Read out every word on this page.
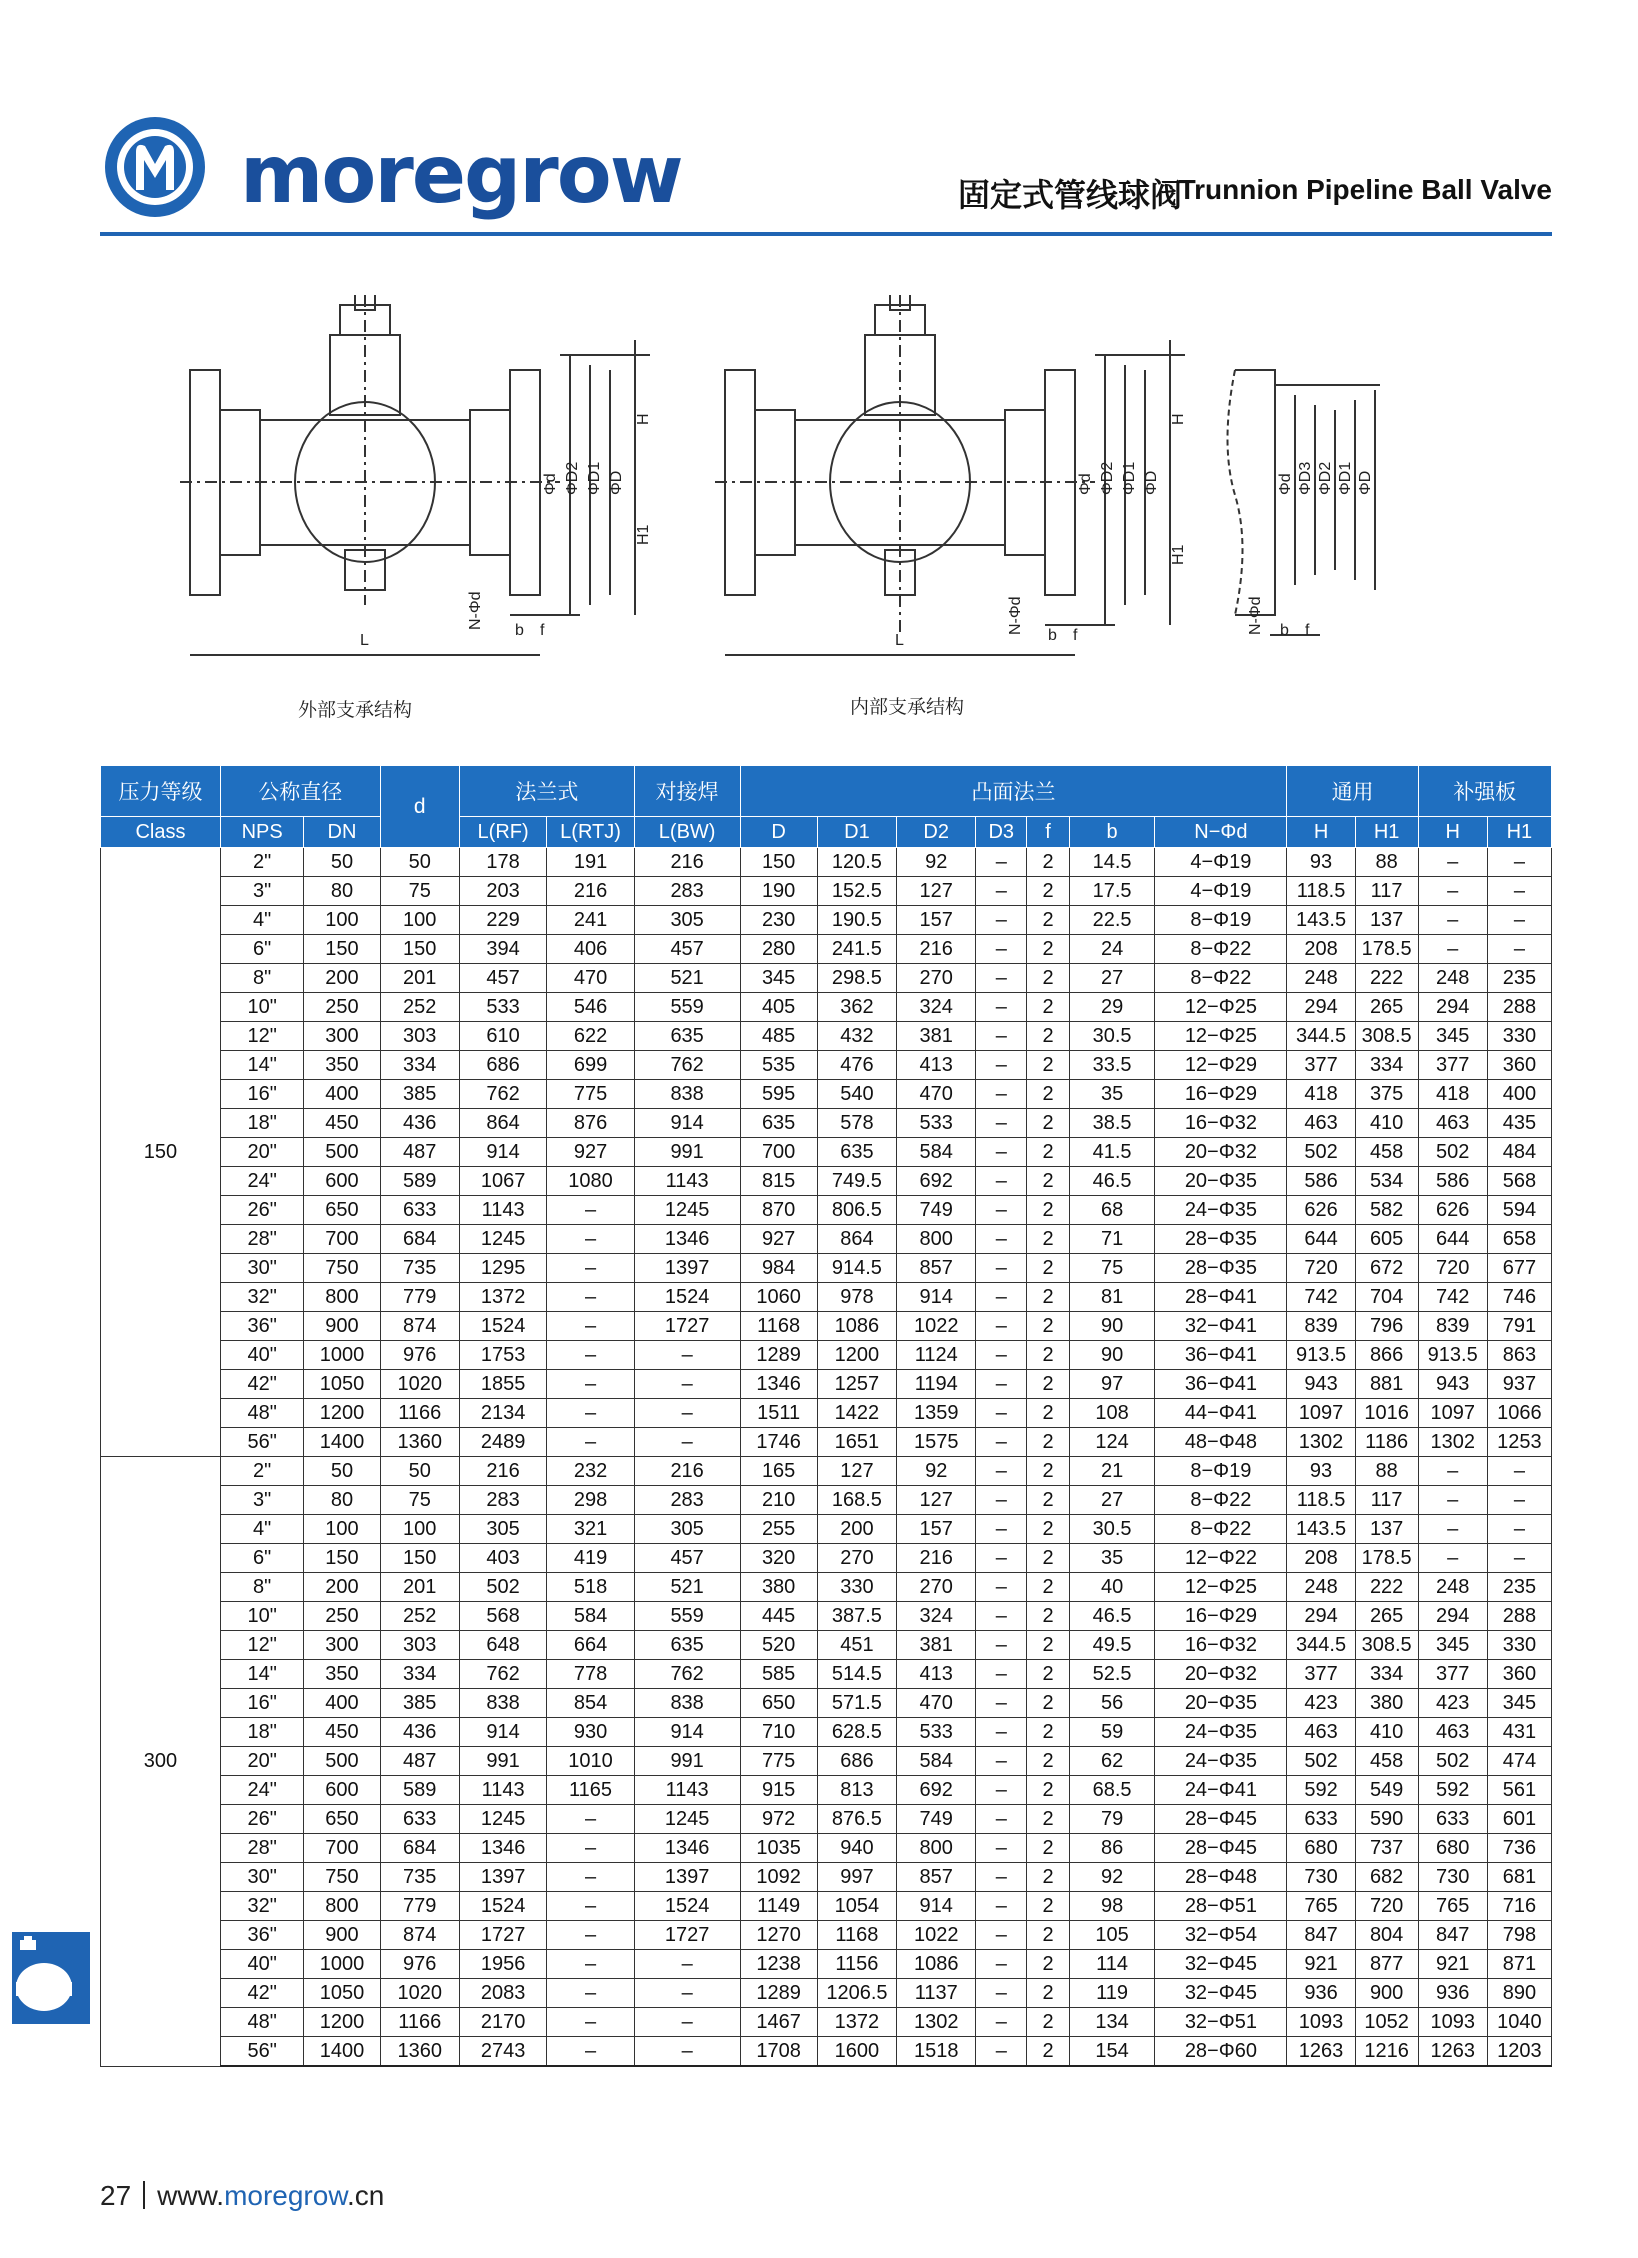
moregrow	固定式管线球阀
Trunnion Pipeline Ball Valve
Φd ΦD2 ΦD1 ΦD
H
H1
L
N-Φd
b f
Φd ΦD2 ΦD1 ΦD
H
H1
L
N-Φd
b f
Φd ΦD3 ΦD2 ΦD1 ΦD
N-Φd b f
外部支承结构	内部支承结构
压力等级	公称直径		d	法兰式		对接焊	凸面法兰							通用		补强板	
Class	NPS	DN		L(RF)	L(RTJ)	L(BW)	D	D1	D2	D3	f	b	N−Φd	H	H1	H	H1
150	2"	50	50	178	191	216	150	120.5	92	–	2	14.5	4−Φ19	93	88	–	–
	3"	80	75	203	216	283	190	152.5	127	–	2	17.5	4−Φ19	118.5	117	–	–
	4"	100	100	229	241	305	230	190.5	157	–	2	22.5	8−Φ19	143.5	137	–	–
	6"	150	150	394	406	457	280	241.5	216	–	2	24	8−Φ22	208	178.5	–	–
	8"	200	201	457	470	521	345	298.5	270	–	2	27	8−Φ22	248	222	248	235
	10"	250	252	533	546	559	405	362	324	–	2	29	12−Φ25	294	265	294	288
	12"	300	303	610	622	635	485	432	381	–	2	30.5	12−Φ25	344.5	308.5	345	330
	14"	350	334	686	699	762	535	476	413	–	2	33.5	12−Φ29	377	334	377	360
	16"	400	385	762	775	838	595	540	470	–	2	35	16−Φ29	418	375	418	400
	18"	450	436	864	876	914	635	578	533	–	2	38.5	16−Φ32	463	410	463	435
	20"	500	487	914	927	991	700	635	584	–	2	41.5	20−Φ32	502	458	502	484
	24"	600	589	1067	1080	1143	815	749.5	692	–	2	46.5	20−Φ35	586	534	586	568
	26"	650	633	1143	–	1245	870	806.5	749	–	2	68	24−Φ35	626	582	626	594
	28"	700	684	1245	–	1346	927	864	800	–	2	71	28−Φ35	644	605	644	658
	30"	750	735	1295	–	1397	984	914.5	857	–	2	75	28−Φ35	720	672	720	677
	32"	800	779	1372	–	1524	1060	978	914	–	2	81	28−Φ41	742	704	742	746
	36"	900	874	1524	–	1727	1168	1086	1022	–	2	90	32−Φ41	839	796	839	791
	40"	1000	976	1753	–	–	1289	1200	1124	–	2	90	36−Φ41	913.5	866	913.5	863
	42"	1050	1020	1855	–	–	1346	1257	1194	–	2	97	36−Φ41	943	881	943	937
	48"	1200	1166	2134	–	–	1511	1422	1359	–	2	108	44−Φ41	1097	1016	1097	1066
	56"	1400	1360	2489	–	–	1746	1651	1575	–	2	124	48−Φ48	1302	1186	1302	1253
300	2"	50	50	216	232	216	165	127	92	–	2	21	8−Φ19	93	88	–	–
	3"	80	75	283	298	283	210	168.5	127	–	2	27	8−Φ22	118.5	117	–	–
	4"	100	100	305	321	305	255	200	157	–	2	30.5	8−Φ22	143.5	137	–	–
	6"	150	150	403	419	457	320	270	216	–	2	35	12−Φ22	208	178.5	–	–
	8"	200	201	502	518	521	380	330	270	–	2	40	12−Φ25	248	222	248	235
	10"	250	252	568	584	559	445	387.5	324	–	2	46.5	16−Φ29	294	265	294	288
	12"	300	303	648	664	635	520	451	381	–	2	49.5	16−Φ32	344.5	308.5	345	330
	14"	350	334	762	778	762	585	514.5	413	–	2	52.5	20−Φ32	377	334	377	360
	16"	400	385	838	854	838	650	571.5	470	–	2	56	20−Φ35	423	380	423	345
	18"	450	436	914	930	914	710	628.5	533	–	2	59	24−Φ35	463	410	463	431
	20"	500	487	991	1010	991	775	686	584	–	2	62	24−Φ35	502	458	502	474
	24"	600	589	1143	1165	1143	915	813	692	–	2	68.5	24−Φ41	592	549	592	561
	26"	650	633	1245	–	1245	972	876.5	749	–	2	79	28−Φ45	633	590	633	601
	28"	700	684	1346	–	1346	1035	940	800	–	2	86	28−Φ45	680	737	680	736
	30"	750	735	1397	–	1397	1092	997	857	–	2	92	28−Φ48	730	682	730	681
	32"	800	779	1524	–	1524	1149	1054	914	–	2	98	28−Φ51	765	720	765	716
	36"	900	874	1727	–	1727	1270	1168	1022	–	2	105	32−Φ54	847	804	847	798
	40"	1000	976	1956	–	–	1238	1156	1086	–	2	114	32−Φ45	921	877	921	871
	42"	1050	1020	2083	–	–	1289	1206.5	1137	–	2	119	32−Φ45	936	900	936	890
	48"	1200	1166	2170	–	–	1467	1372	1302	–	2	134	32−Φ51	1093	1052	1093	1040
	56"	1400	1360	2743	–	–	1708	1600	1518	–	2	154	28−Φ60	1263	1216	1263	1203
27 www.moregrow.cn
